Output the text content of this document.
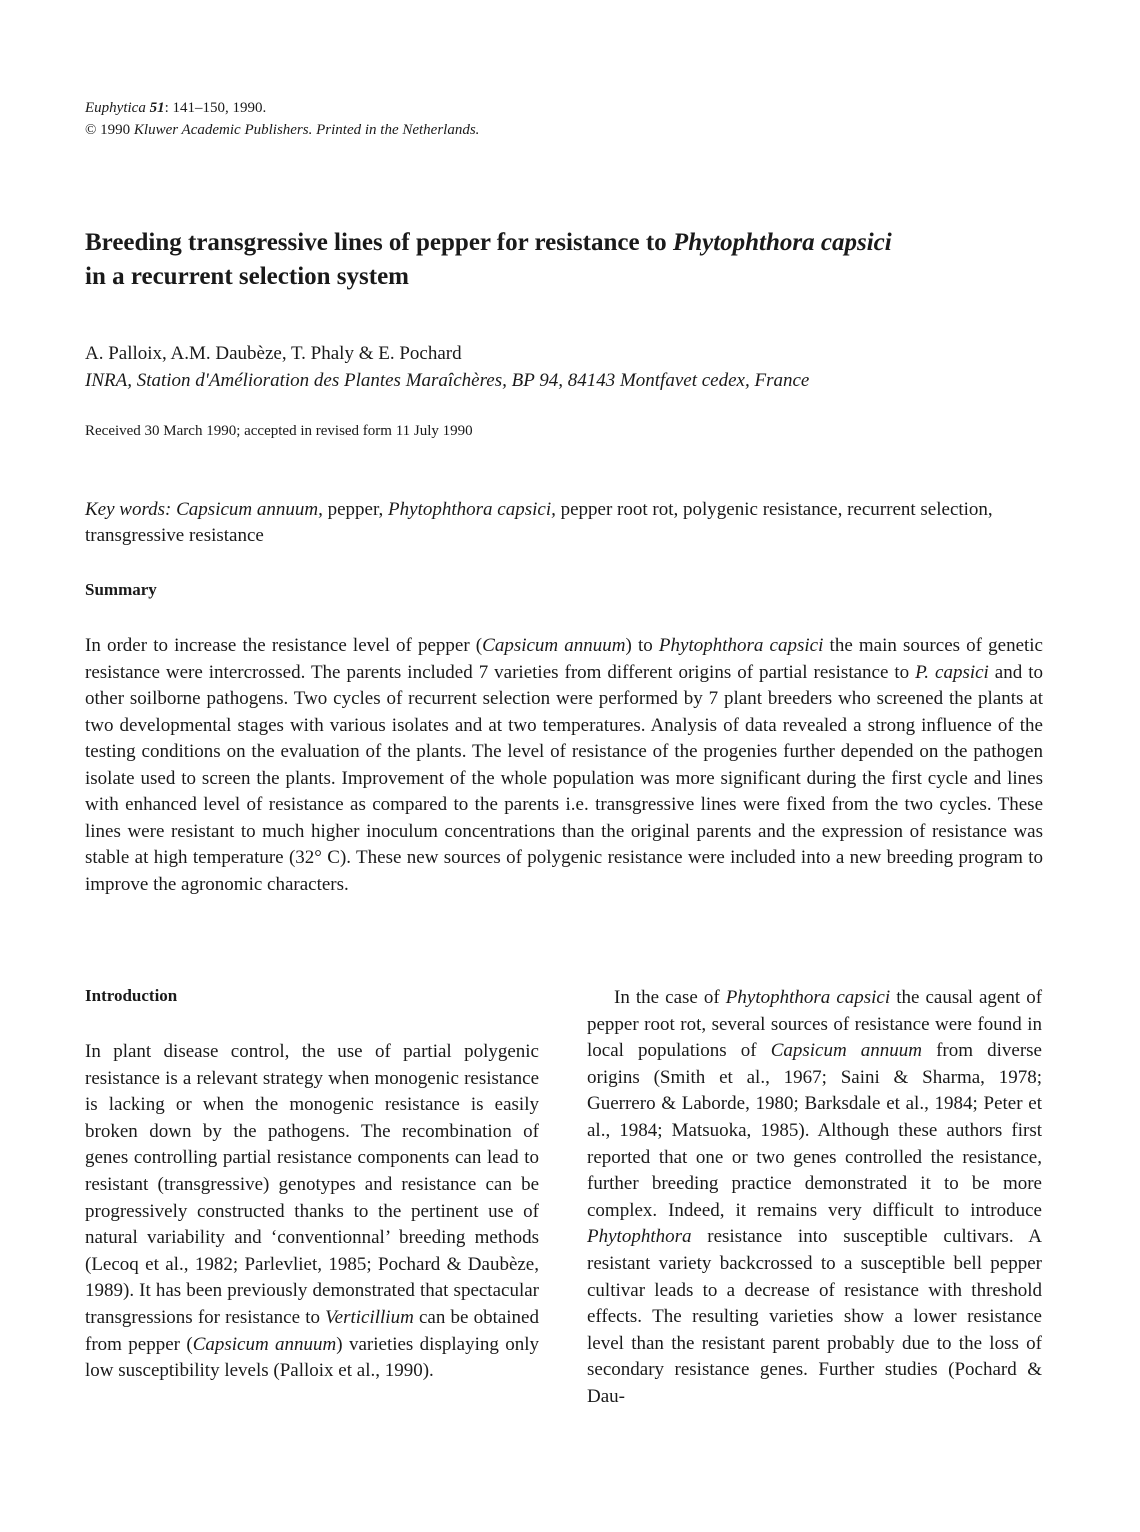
Euphytica 51: 141–150, 1990.
© 1990 Kluwer Academic Publishers. Printed in the Netherlands.
Breeding transgressive lines of pepper for resistance to Phytophthora capsici
in a recurrent selection system
A. Palloix, A.M. Daubèze, T. Phaly & E. Pochard
INRA, Station d'Amélioration des Plantes Maraîchères, BP 94, 84143 Montfavet cedex, France
Received 30 March 1990; accepted in revised form 11 July 1990
Key words: Capsicum annuum, pepper, Phytophthora capsici, pepper root rot, polygenic resistance, recurrent selection, transgressive resistance
Summary

In order to increase the resistance level of pepper (Capsicum annuum) to Phytophthora capsici the main sources of genetic resistance were intercrossed. The parents included 7 varieties from different origins of partial resistance to P. capsici and to other soilborne pathogens. Two cycles of recurrent selection were performed by 7 plant breeders who screened the plants at two developmental stages with various isolates and at two temperatures. Analysis of data revealed a strong influence of the testing conditions on the evaluation of the plants. The level of resistance of the progenies further depended on the pathogen isolate used to screen the plants. Improvement of the whole population was more significant during the first cycle and lines with enhanced level of resistance as compared to the parents i.e. transgressive lines were fixed from the two cycles. These lines were resistant to much higher inoculum concentrations than the original parents and the expression of resistance was stable at high temperature (32° C). These new sources of polygenic resistance were included into a new breeding program to improve the agronomic characters.

Introduction

In plant disease control, the use of partial polygenic resistance is a relevant strategy when monogenic resistance is lacking or when the monogenic resistance is easily broken down by the pathogens. The recombination of genes controlling partial resistance components can lead to resistant (transgressive) genotypes and resistance can be progressively constructed thanks to the pertinent use of natural variability and ‘conventionnal’ breeding methods (Lecoq et al., 1982; Parlevliet, 1985; Pochard & Daubèze, 1989). It has been previously demonstrated that spectacular transgressions for resistance to Verticillium can be obtained from pepper (Capsicum annuum) varieties displaying only low susceptibility levels (Palloix et al., 1990).

In the case of Phytophthora capsici the causal agent of pepper root rot, several sources of resistance were found in local populations of Capsicum annuum from diverse origins (Smith et al., 1967; Saini & Sharma, 1978; Guerrero & Laborde, 1980; Barksdale et al., 1984; Peter et al., 1984; Matsuoka, 1985). Although these authors first reported that one or two genes controlled the resistance, further breeding practice demonstrated it to be more complex. Indeed, it remains very difficult to introduce Phytophthora resistance into susceptible cultivars. A resistant variety backcrossed to a susceptible bell pepper cultivar leads to a decrease of resistance with threshold effects. The resulting varieties show a lower resistance level than the resistant parent probably due to the loss of secondary resistance genes. Further studies (Pochard & Dau-
